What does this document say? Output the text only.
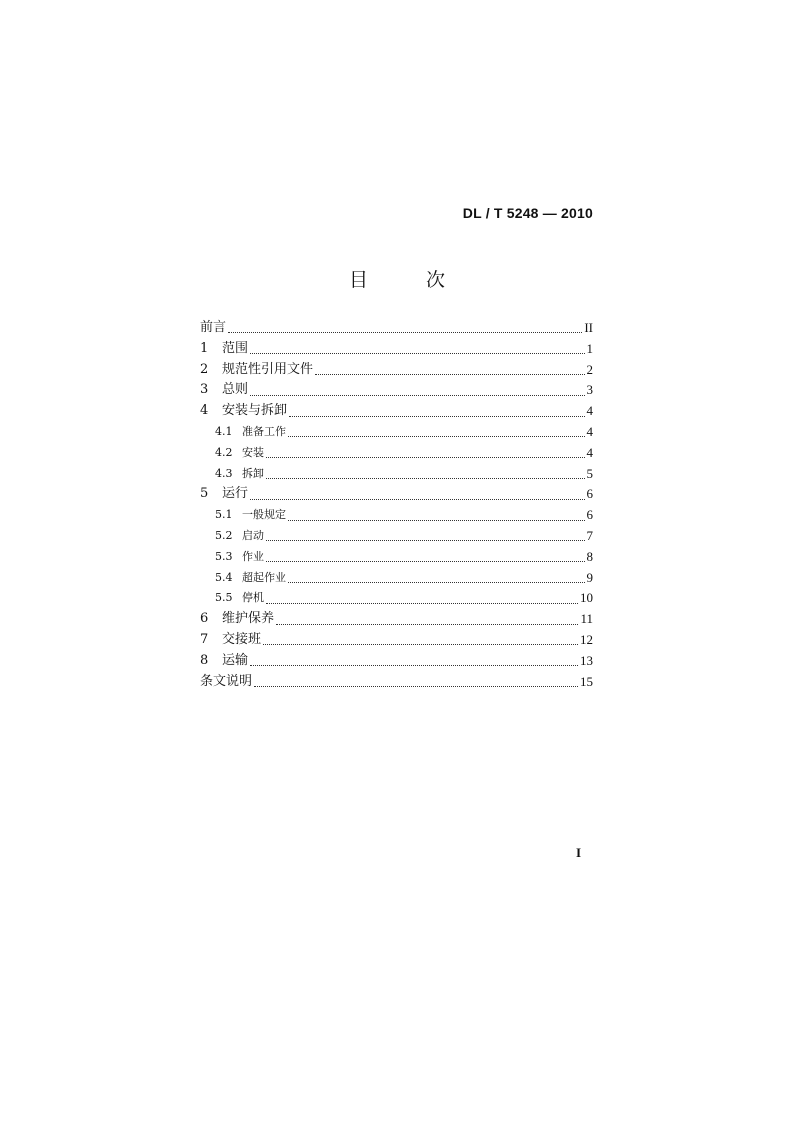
DL / T 5248 — 2010
目 次
前言	II
1	范围	1
2	规范性引用文件	2
3	总则	3
4	安装与拆卸	4
4.1 准备工作	4
4.2 安装	4
4.3 拆卸	5
5	运行	6
5.1 一般规定	6
5.2 启动	7
5.3 作业	8
5.4 超起作业	9
5.5 停机	10
6	维护保养	11
7	交接班	12
8	运输	13
条文说明	15
I
